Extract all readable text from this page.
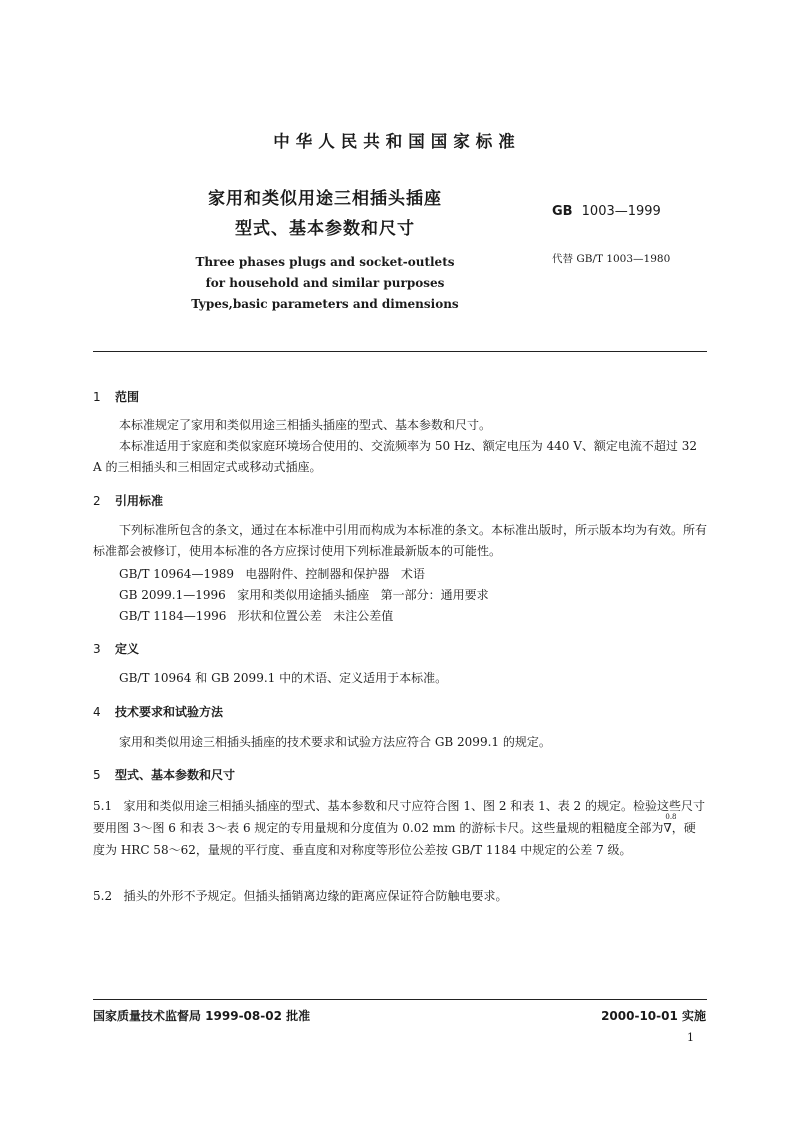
中华人民共和国国家标准
家用和类似用途三相插头插座
型式、基本参数和尺寸
GB 1003—1999
代替 GB/T 1003—1980
Three phases plugs and socket-outlets
for household and similar purposes
Types,basic parameters and dimensions
1 范围
本标准规定了家用和类似用途三相插头插座的型式、基本参数和尺寸。
本标准适用于家庭和类似家庭环境场合使用的、交流频率为 50 Hz、额定电压为 440 V、额定电流不超过 32 A 的三相插头和三相固定式或移动式插座。
2 引用标准
下列标准所包含的条文，通过在本标准中引用而构成为本标准的条文。本标准出版时，所示版本均为有效。所有标准都会被修订，使用本标准的各方应探讨使用下列标准最新版本的可能性。
GB/T 10964—1989   电器附件、控制器和保护器   术语
GB 2099.1—1996   家用和类似用途插头插座   第一部分：通用要求
GB/T 1184—1996   形状和位置公差   未注公差值
3 定义
GB/T 10964 和 GB 2099.1 中的术语、定义适用于本标准。
4 技术要求和试验方法
家用和类似用途三相插头插座的技术要求和试验方法应符合 GB 2099.1 的规定。
5 型式、基本参数和尺寸
5.1 家用和类似用途三相插头插座的型式、基本参数和尺寸应符合图 1、图 2 和表 1、表 2 的规定。检验这些尺寸要用图 3～图 6 和表 3～表 6 规定的专用量规和分度值为 0.02 mm 的游标卡尺。这些量规的粗糙度全部为
0.8
∇，硬度为 HRC 58～62，量规的平行度、垂直度和对称度等形位公差按 GB/T 1184 中规定的公差 7 级。
5.2 插头的外形不予规定。但插头插销离边缘的距离应保证符合防触电要求。
国家质量技术监督局 1999-08-02 批准	2000-10-01 实施
1
